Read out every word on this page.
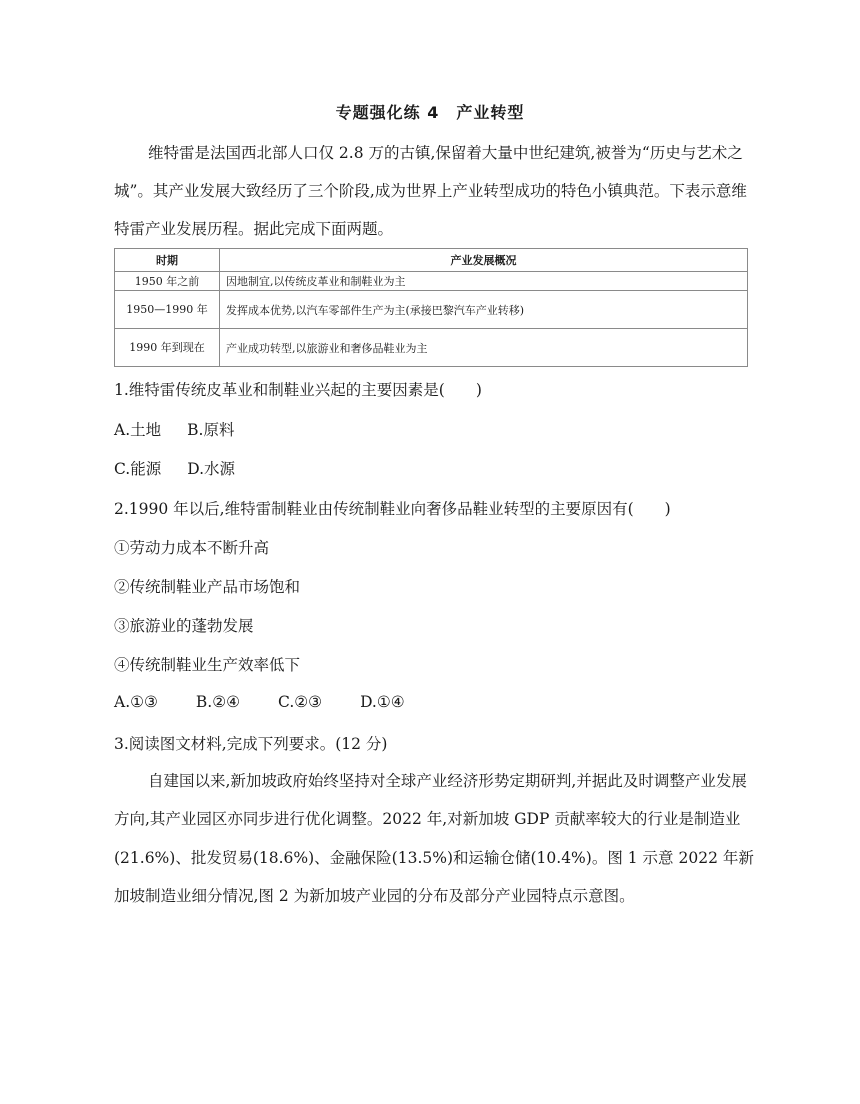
专题强化练 4　产业转型

维特雷是法国西北部人口仅 2.8 万的古镇,保留着大量中世纪建筑,被誉为“历史与艺术之城”。其产业发展大致经历了三个阶段,成为世界上产业转型成功的特色小镇典范。下表示意维特雷产业发展历程。据此完成下面两题。

时期	产业发展概况
1950 年之前	因地制宜,以传统皮革业和制鞋业为主
1950—1990 年	发挥成本优势,以汽车零部件生产为主(承接巴黎汽车产业转移)
1990 年到现在	产业成功转型,以旅游业和奢侈品鞋业为主

1.维特雷传统皮革业和制鞋业兴起的主要因素是(　　)

A.土地 B.原料

C.能源 D.水源

2.1990 年以后,维特雷制鞋业由传统制鞋业向奢侈品鞋业转型的主要原因有(　　)

①劳动力成本不断升高

②传统制鞋业产品市场饱和

③旅游业的蓬勃发展

④传统制鞋业生产效率低下

A.①③ B.②④ C.②③ D.①④

3.阅读图文材料,完成下列要求。(12 分)

自建国以来,新加坡政府始终坚持对全球产业经济形势定期研判,并据此及时调整产业发展方向,其产业园区亦同步进行优化调整。2022 年,对新加坡 GDP 贡献率较大的行业是制造业(21.6%)、批发贸易(18.6%)、金融保险(13.5%)和运输仓储(10.4%)。图 1 示意 2022 年新加坡制造业细分情况,图 2 为新加坡产业园的分布及部分产业园特点示意图。
